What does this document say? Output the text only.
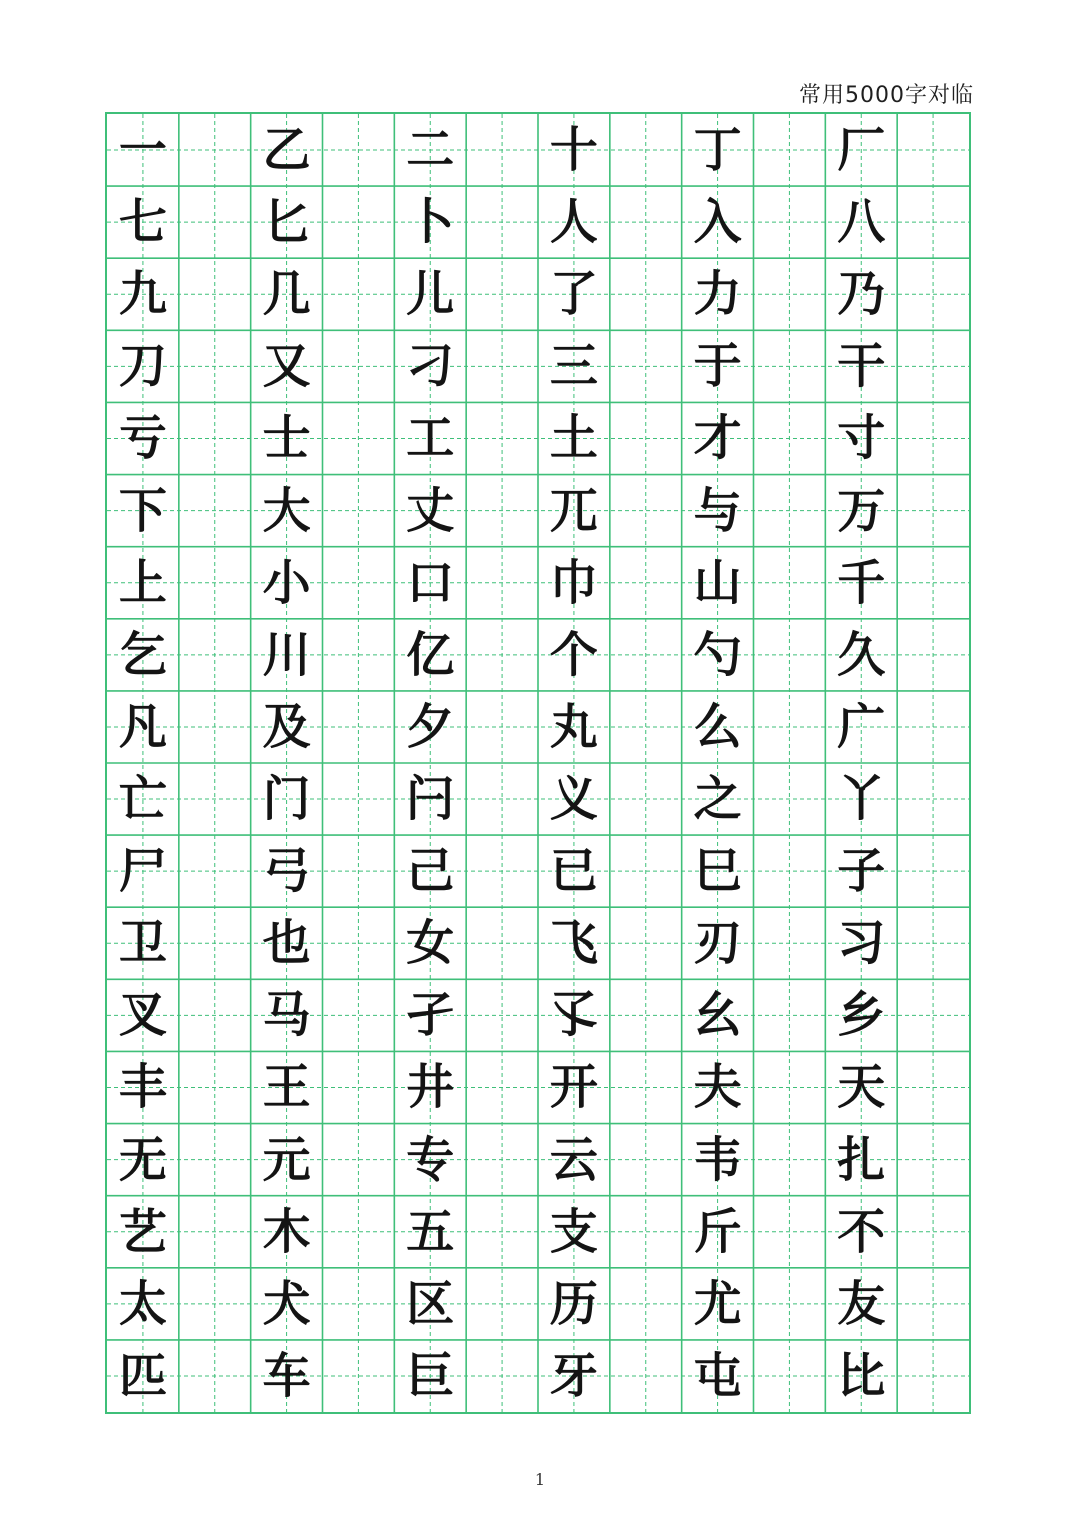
常用5000字对临
一
七
九
刀
亏
下
上
乞
凡
亡
尸
卫
叉
丰
无
艺
太
匹
乙
匕
几
又
士
大
小
川
及
门
弓
也
马
王
元
木
犬
车
二
卜
儿
刁
工
丈
口
亿
夕
闩
己
女
孑
井
专
五
区
巨
十
人
了
三
土
兀
巾
个
丸
义
已
飞
孓
开
云
支
历
牙
丁
入
力
于
才
与
山
勺
么
之
巳
刃
幺
夫
韦
斤
尤
屯
厂
八
乃
干
寸
万
千
久
广
丫
子
习
乡
天
扎
不
友
比
1
